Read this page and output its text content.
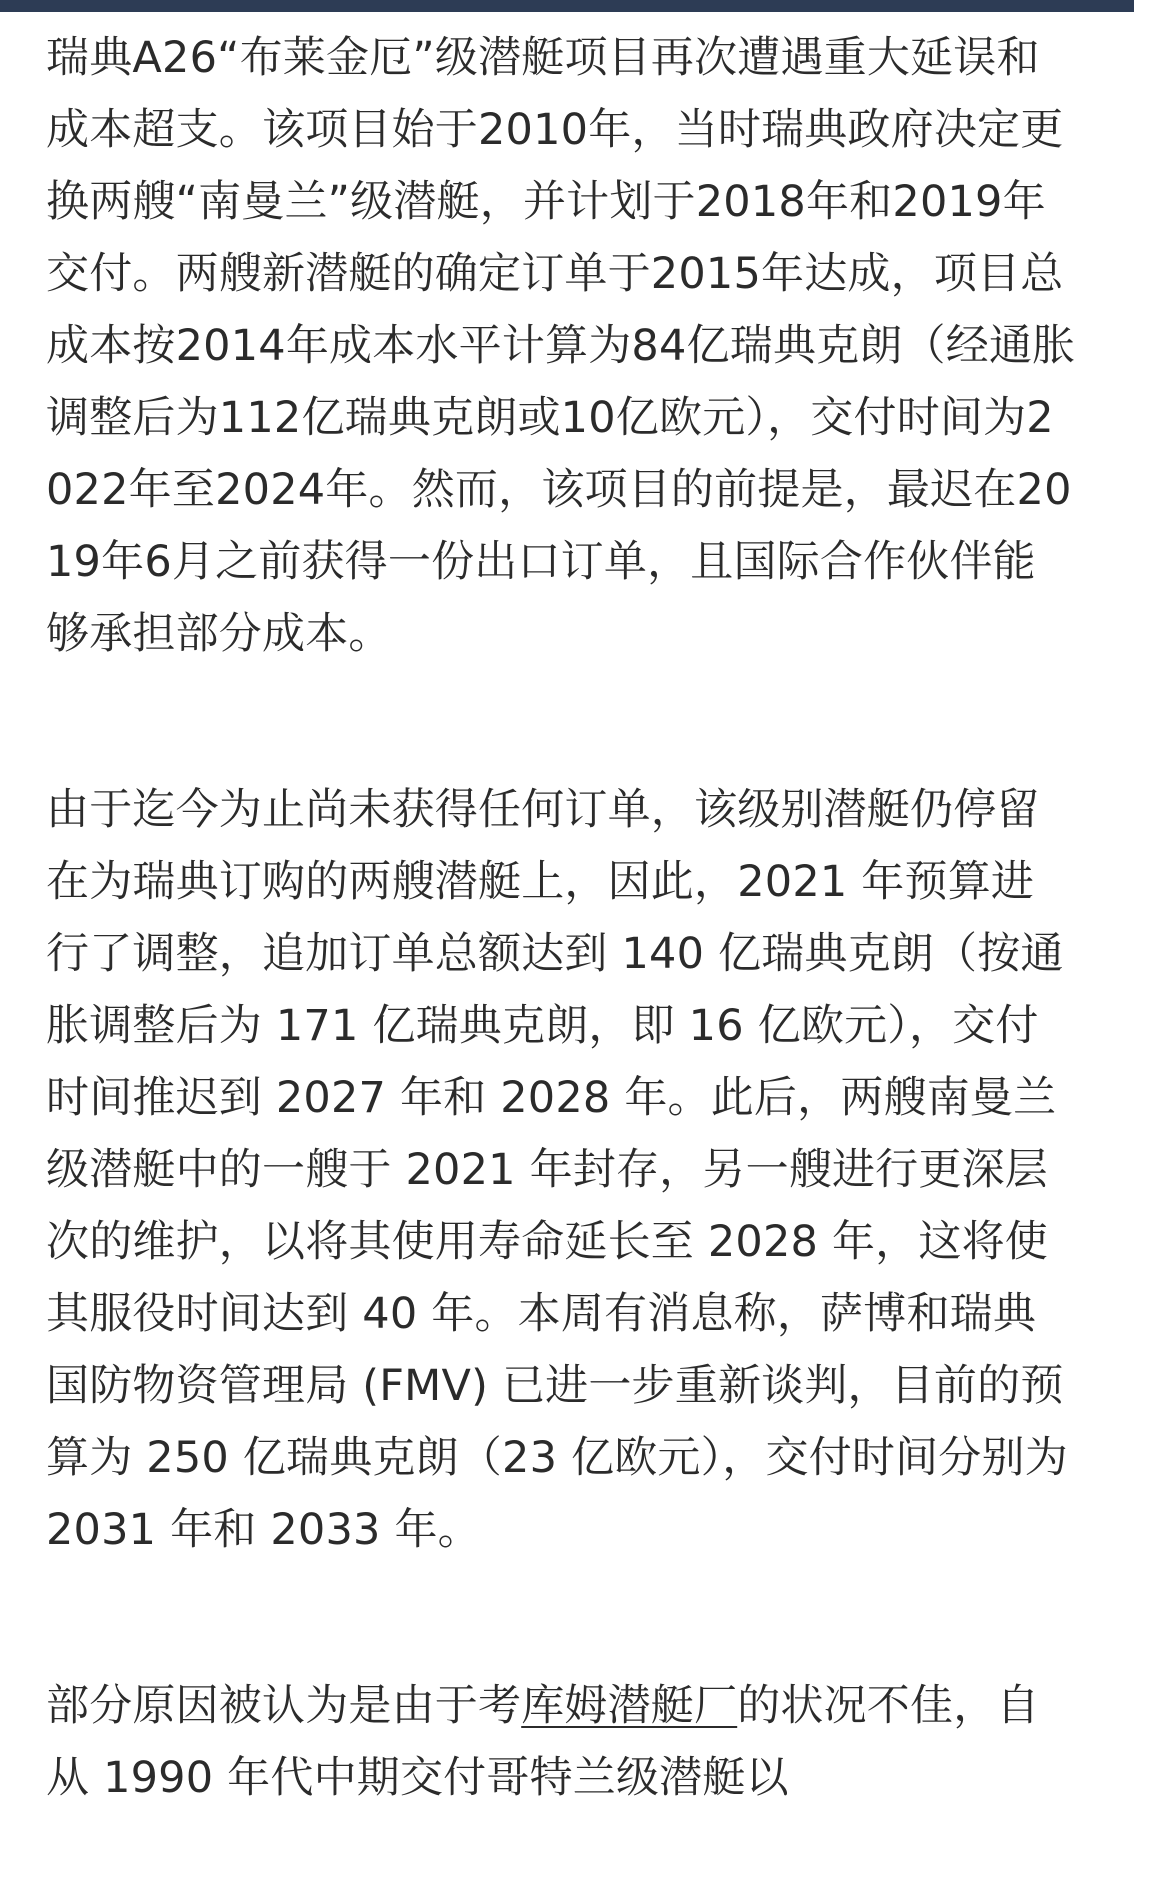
瑞典A26“布莱金厄”级潜艇项目再次遭遇重大延误和成本超支。该项目始于2010年，当时瑞典政府决定更换两艘“南曼兰”级潜艇，并计划于2018年和2019年交付。两艘新潜艇的确定订单于2015年达成，项目总成本按2014年成本水平计算为84亿瑞典克朗（经通胀调整后为112亿瑞典克朗或10亿欧元），交付时间为2022年至2024年。然而，该项目的前提是，最迟在2019年6月之前获得一份出口订单，且国际合作伙伴能够承担部分成本。

由于迄今为止尚未获得任何订单，该级别潜艇仍停留在为瑞典订购的两艘潜艇上，因此，2021 年预算进行了调整，追加订单总额达到 140 亿瑞典克朗（按通胀调整后为 171 亿瑞典克朗，即 16 亿欧元），交付时间推迟到 2027 年和 2028 年。此后，两艘南曼兰级潜艇中的一艘于 2021 年封存，另一艘进行更深层次的维护，以将其使用寿命延长至 2028 年，这将使其服役时间达到 40 年。本周有消息称，萨博和瑞典国防物资管理局 (FMV) 已进一步重新谈判，目前的预算为 250 亿瑞典克朗（23 亿欧元），交付时间分别为 2031 年和 2033 年。

部分原因被认为是由于考库姆潜艇厂的状况不佳，自从 1990 年代中期交付哥特兰级潜艇以
